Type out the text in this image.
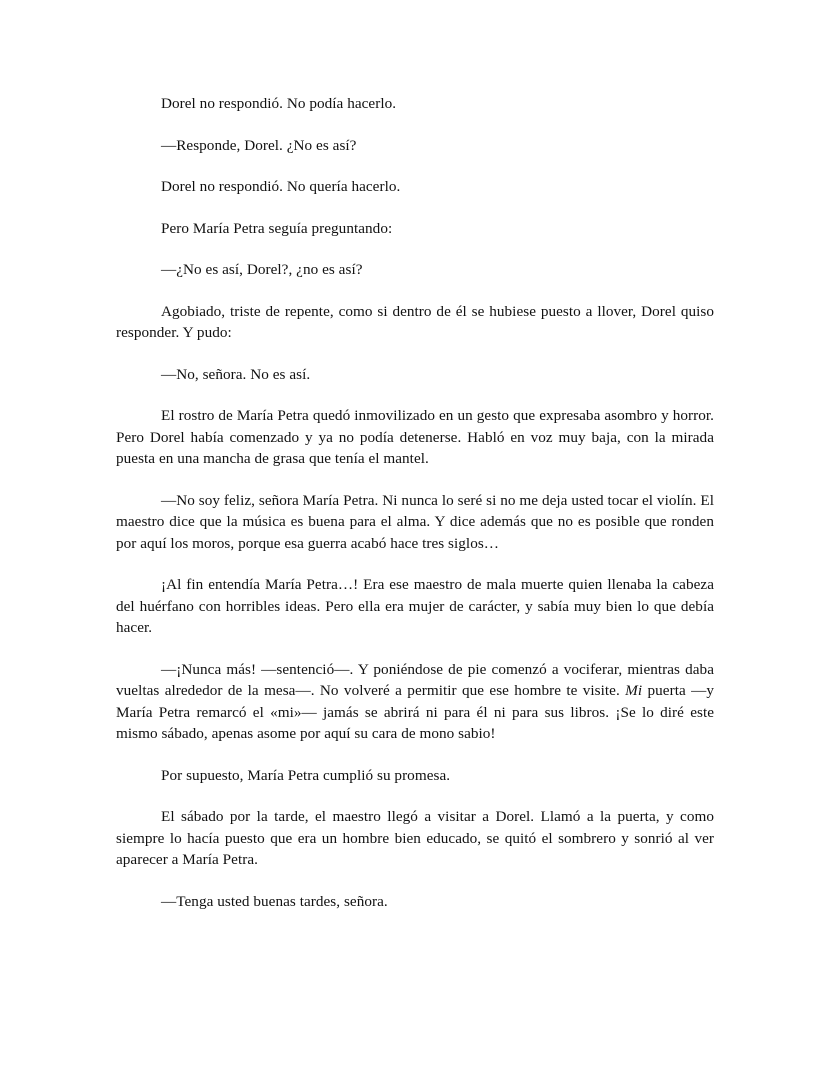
Dorel no respondió. No podía hacerlo.

—Responde, Dorel. ¿No es así?

Dorel no respondió. No quería hacerlo.

Pero María Petra seguía preguntando:

—¿No es así, Dorel?, ¿no es así?

Agobiado, triste de repente, como si dentro de él se hubiese puesto a llover, Dorel quiso responder. Y pudo:

—No, señora. No es así.

El rostro de María Petra quedó inmovilizado en un gesto que expresaba asombro y horror. Pero Dorel había comenzado y ya no podía detenerse. Habló en voz muy baja, con la mirada puesta en una mancha de grasa que tenía el mantel.

—No soy feliz, señora María Petra. Ni nunca lo seré si no me deja usted tocar el violín. El maestro dice que la música es buena para el alma. Y dice además que no es posible que ronden por aquí los moros, porque esa guerra acabó hace tres siglos…

¡Al fin entendía María Petra…! Era ese maestro de mala muerte quien llenaba la cabeza del huérfano con horribles ideas. Pero ella era mujer de carácter, y sabía muy bien lo que debía hacer.

—¡Nunca más! —sentenció—. Y poniéndose de pie comenzó a vociferar, mientras daba vueltas alrededor de la mesa—. No volveré a permitir que ese hombre te visite. Mi puerta —y María Petra remarcó el «mi»— jamás se abrirá ni para él ni para sus libros. ¡Se lo diré este mismo sábado, apenas asome por aquí su cara de mono sabio!

Por supuesto, María Petra cumplió su promesa.

El sábado por la tarde, el maestro llegó a visitar a Dorel. Llamó a la puerta, y como siempre lo hacía puesto que era un hombre bien educado, se quitó el sombrero y sonrió al ver aparecer a María Petra.

—Tenga usted buenas tardes, señora.
